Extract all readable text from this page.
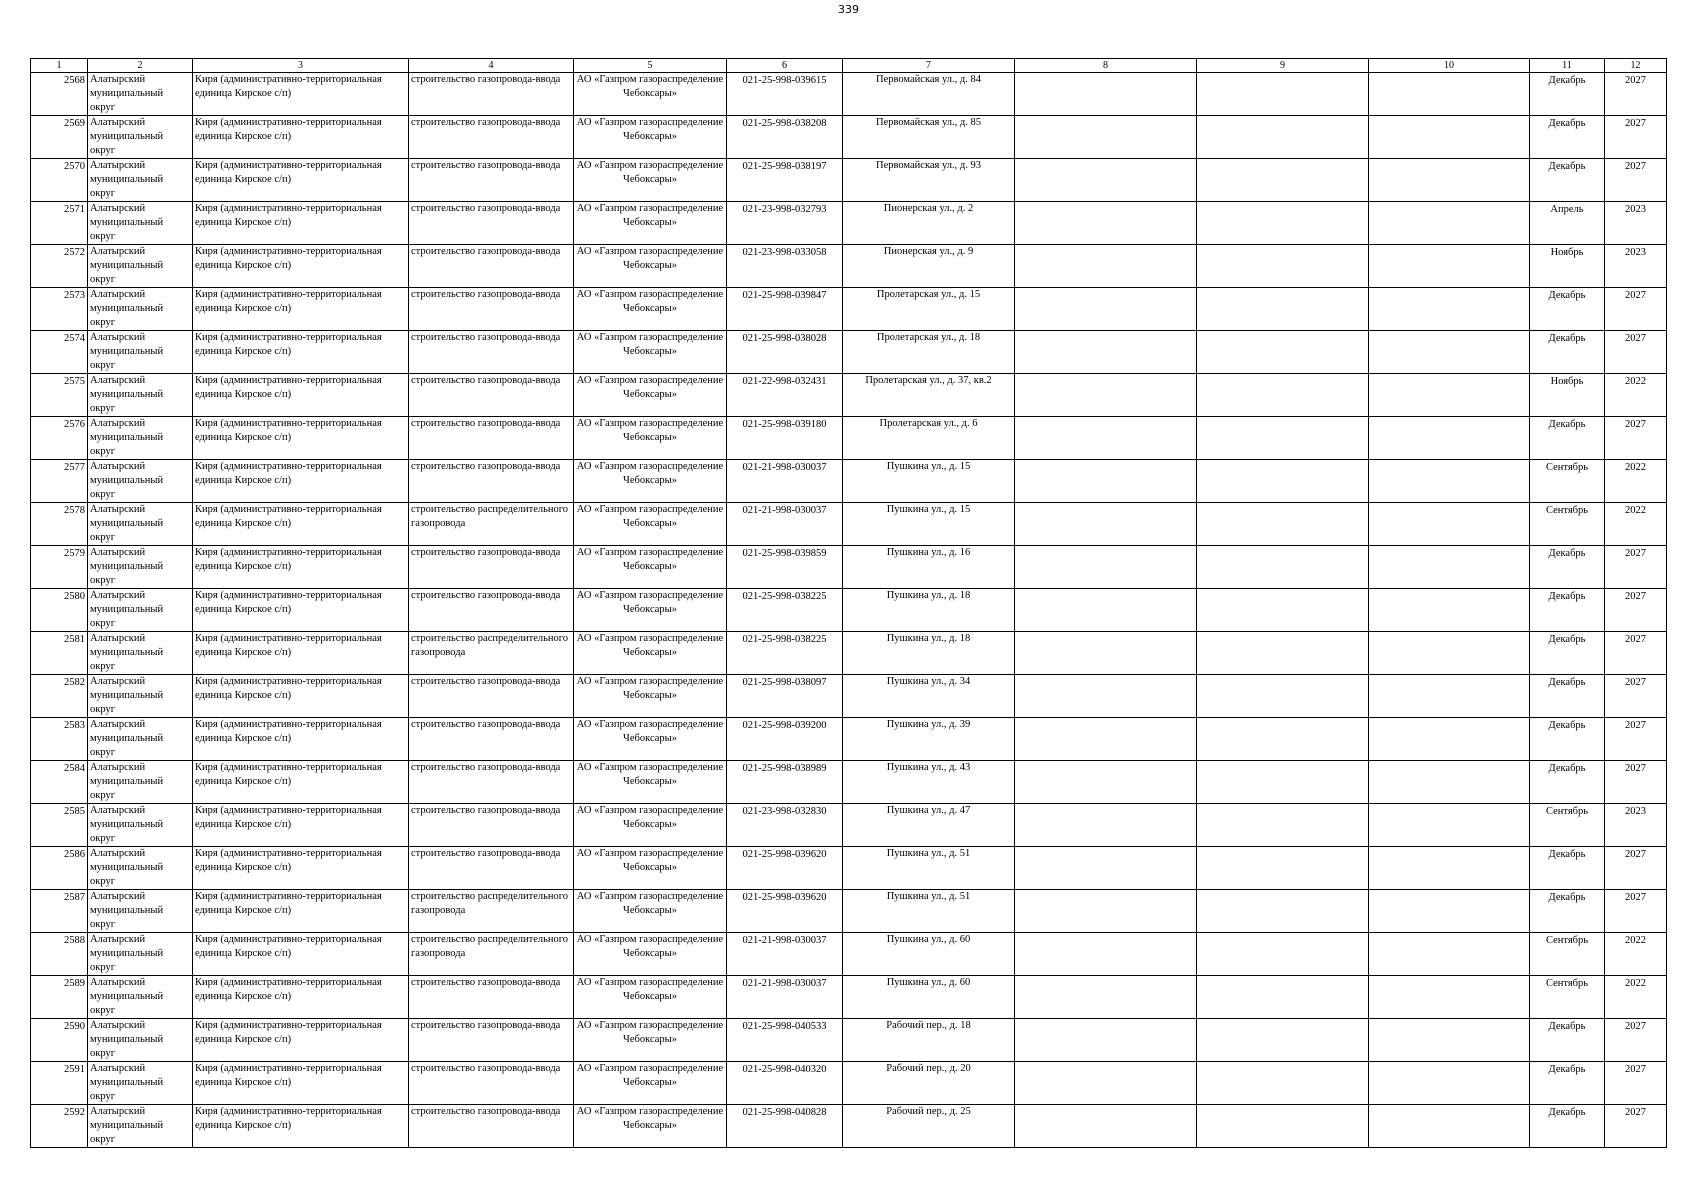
339
1	2	3	4	5	6	7	8	9	10	11	12

2568	Алатырский муниципальный округ	Киря (административно-территориальная единица Кирское с/п)	строительство газопровода-ввода	АО «Газпром газораспределение Чебоксары»	021-25-998-039615	Первомайская ул., д. 84				Декабрь	2027

2569	Алатырский муниципальный округ	Киря (административно-территориальная единица Кирское с/п)	строительство газопровода-ввода	АО «Газпром газораспределение Чебоксары»	021-25-998-038208	Первомайская ул., д. 85				Декабрь	2027

2570	Алатырский муниципальный округ	Киря (административно-территориальная единица Кирское с/п)	строительство газопровода-ввода	АО «Газпром газораспределение Чебоксары»	021-25-998-038197	Первомайская ул., д. 93				Декабрь	2027

2571	Алатырский муниципальный округ	Киря (административно-территориальная единица Кирское с/п)	строительство газопровода-ввода	АО «Газпром газораспределение Чебоксары»	021-23-998-032793	Пионерская ул., д. 2				Апрель	2023

2572	Алатырский муниципальный округ	Киря (административно-территориальная единица Кирское с/п)	строительство газопровода-ввода	АО «Газпром газораспределение Чебоксары»	021-23-998-033058	Пионерская ул., д. 9				Ноябрь	2023

2573	Алатырский муниципальный округ	Киря (административно-территориальная единица Кирское с/п)	строительство газопровода-ввода	АО «Газпром газораспределение Чебоксары»	021-25-998-039847	Пролетарская ул., д. 15				Декабрь	2027

2574	Алатырский муниципальный округ	Киря (административно-территориальная единица Кирское с/п)	строительство газопровода-ввода	АО «Газпром газораспределение Чебоксары»	021-25-998-038028	Пролетарская ул., д. 18				Декабрь	2027

2575	Алатырский муниципальный округ	Киря (административно-территориальная единица Кирское с/п)	строительство газопровода-ввода	АО «Газпром газораспределение Чебоксары»	021-22-998-032431	Пролетарская ул., д. 37, кв.2				Ноябрь	2022

2576	Алатырский муниципальный округ	Киря (административно-территориальная единица Кирское с/п)	строительство газопровода-ввода	АО «Газпром газораспределение Чебоксары»	021-25-998-039180	Пролетарская ул., д. 6				Декабрь	2027

2577	Алатырский муниципальный округ	Киря (административно-территориальная единица Кирское с/п)	строительство газопровода-ввода	АО «Газпром газораспределение Чебоксары»	021-21-998-030037	Пушкина ул., д. 15				Сентябрь	2022

2578	Алатырский муниципальный округ	Киря (административно-территориальная единица Кирское с/п)	строительство распределительного газопровода	АО «Газпром газораспределение Чебоксары»	021-21-998-030037	Пушкина ул., д. 15				Сентябрь	2022

2579	Алатырский муниципальный округ	Киря (административно-территориальная единица Кирское с/п)	строительство газопровода-ввода	АО «Газпром газораспределение Чебоксары»	021-25-998-039859	Пушкина ул., д. 16				Декабрь	2027

2580	Алатырский муниципальный округ	Киря (административно-территориальная единица Кирское с/п)	строительство газопровода-ввода	АО «Газпром газораспределение Чебоксары»	021-25-998-038225	Пушкина ул., д. 18				Декабрь	2027

2581	Алатырский муниципальный округ	Киря (административно-территориальная единица Кирское с/п)	строительство распределительного газопровода	АО «Газпром газораспределение Чебоксары»	021-25-998-038225	Пушкина ул., д. 18				Декабрь	2027

2582	Алатырский муниципальный округ	Киря (административно-территориальная единица Кирское с/п)	строительство газопровода-ввода	АО «Газпром газораспределение Чебоксары»	021-25-998-038097	Пушкина ул., д. 34				Декабрь	2027

2583	Алатырский муниципальный округ	Киря (административно-территориальная единица Кирское с/п)	строительство газопровода-ввода	АО «Газпром газораспределение Чебоксары»	021-25-998-039200	Пушкина ул., д. 39				Декабрь	2027

2584	Алатырский муниципальный округ	Киря (административно-территориальная единица Кирское с/п)	строительство газопровода-ввода	АО «Газпром газораспределение Чебоксары»	021-25-998-038989	Пушкина ул., д. 43				Декабрь	2027

2585	Алатырский муниципальный округ	Киря (административно-территориальная единица Кирское с/п)	строительство газопровода-ввода	АО «Газпром газораспределение Чебоксары»	021-23-998-032830	Пушкина ул., д. 47				Сентябрь	2023

2586	Алатырский муниципальный округ	Киря (административно-территориальная единица Кирское с/п)	строительство газопровода-ввода	АО «Газпром газораспределение Чебоксары»	021-25-998-039620	Пушкина ул., д. 51				Декабрь	2027

2587	Алатырский муниципальный округ	Киря (административно-территориальная единица Кирское с/п)	строительство распределительного газопровода	АО «Газпром газораспределение Чебоксары»	021-25-998-039620	Пушкина ул., д. 51				Декабрь	2027

2588	Алатырский муниципальный округ	Киря (административно-территориальная единица Кирское с/п)	строительство распределительного газопровода	АО «Газпром газораспределение Чебоксары»	021-21-998-030037	Пушкина ул., д. 60				Сентябрь	2022

2589	Алатырский муниципальный округ	Киря (административно-территориальная единица Кирское с/п)	строительство газопровода-ввода	АО «Газпром газораспределение Чебоксары»	021-21-998-030037	Пушкина ул., д. 60				Сентябрь	2022

2590	Алатырский муниципальный округ	Киря (административно-территориальная единица Кирское с/п)	строительство газопровода-ввода	АО «Газпром газораспределение Чебоксары»	021-25-998-040533	Рабочий пер., д. 18				Декабрь	2027

2591	Алатырский муниципальный округ	Киря (административно-территориальная единица Кирское с/п)	строительство газопровода-ввода	АО «Газпром газораспределение Чебоксары»	021-25-998-040320	Рабочий пер., д. 20				Декабрь	2027

2592	Алатырский муниципальный округ	Киря (административно-территориальная единица Кирское с/п)	строительство газопровода-ввода	АО «Газпром газораспределение Чебоксары»	021-25-998-040828	Рабочий пер., д. 25				Декабрь	2027
